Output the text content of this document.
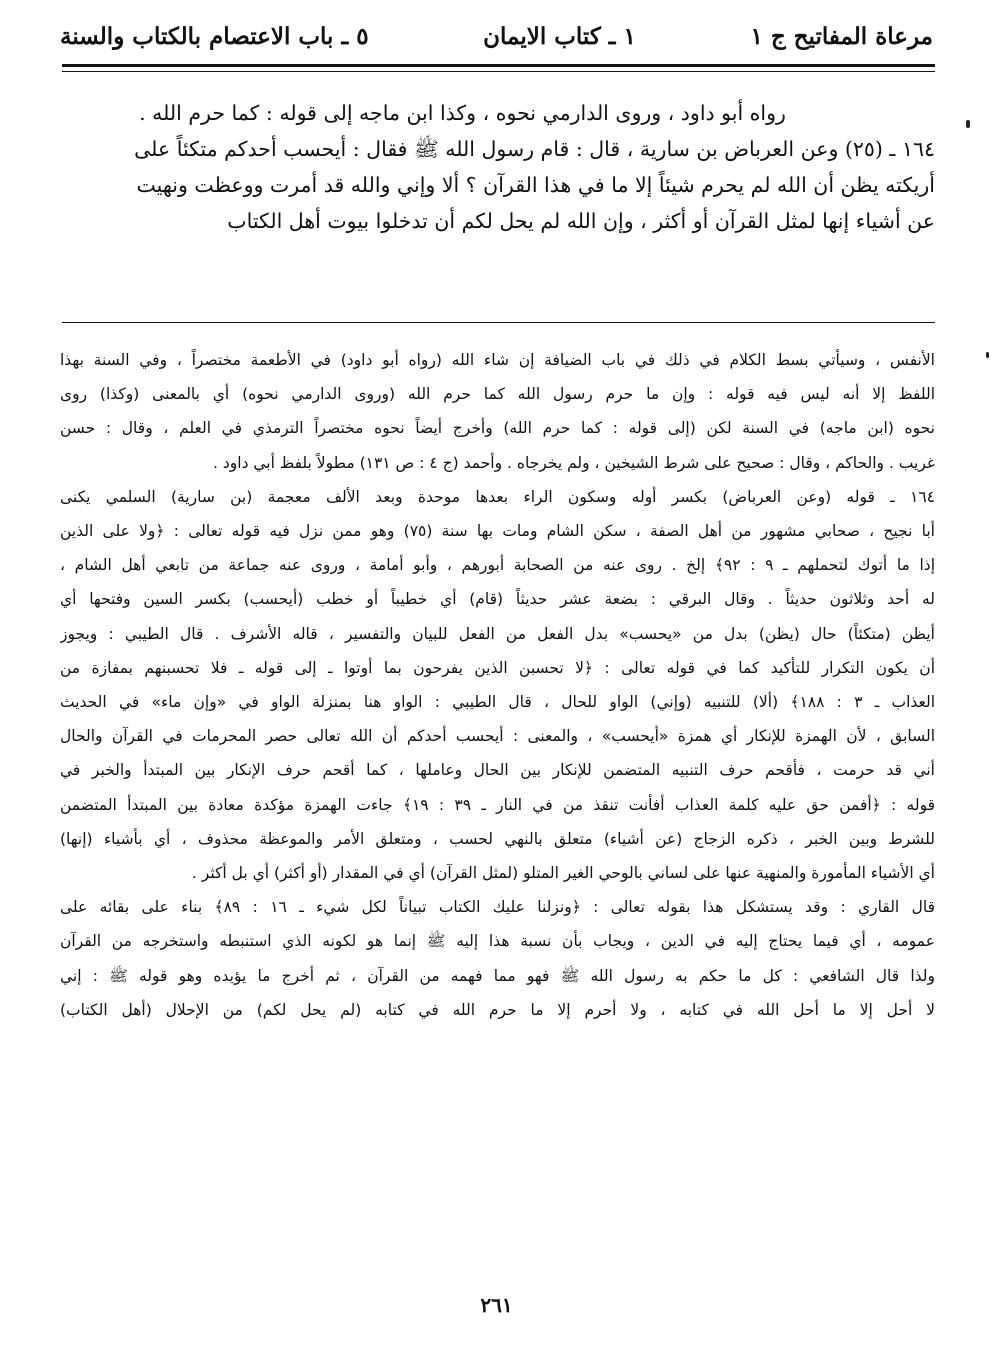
مرعاة المفاتيح ج ١
١ ـ كتاب الايمان
٥ ـ باب الاعتصام بالكتاب والسنة

رواه أبو داود ، وروى الدارمي نحوه ، وكذا ابن ماجه إلى قوله : كما حرم الله .

١٦٤ ـ (٢٥) وعن العرباض بن سارية ، قال : قام رسول الله ﷺ فقال : أيحسب أحدكم متكئاً على

أريكته يظن أن الله لم يحرم شيئاً إلا ما في هذا القرآن ؟ ألا وإني والله قد أمرت ووعظت ونهيت

عن أشياء إنها لمثل القرآن أو أكثر ، وإن الله لم يحل لكم أن تدخلوا بيوت أهل الكتاب

الأنفس ، وسيأتي بسط الكلام في ذلك في باب الضيافة إن شاء الله (رواه أبو داود) في الأطعمة مختصراً ، وفي السنة بهذا

اللفظ إلا أنه ليس فيه قوله : وإن ما حرم رسول الله كما حرم الله (وروى الدارمي نحوه) أي بالمعنى (وكذا) روى

نحوه (ابن ماجه) في السنة لكن (إلى قوله : كما حرم الله) وأخرج أيضاً نحوه مختصراً الترمذي في العلم ، وقال : حسن

غريب . والحاكم ، وقال : صحيح على شرط الشيخين ، ولم يخرجاه . وأحمد (ج ٤ : ص ١٣١) مطولاً بلفظ أبي داود .

١٦٤ ـ قوله (وعن العرباض) بكسر أوله وسكون الراء بعدها موحدة وبعد الألف معجمة (بن سارية) السلمي يكنى

أبا نجيح ، صحابي مشهور من أهل الصفة ، سكن الشام ومات بها سنة (٧٥) وهو ممن نزل فيه قوله تعالى : ﴿ولا على الذين

إذا ما أتوك لتحملهم ـ ٩ : ٩٢﴾ إلخ . روى عنه من الصحابة أبورهم ، وأبو أمامة ، وروى عنه جماعة من تابعي أهل الشام ،

له أحد وثلاثون حديثاً . وقال البرقي : بضعة عشر حديثاً (قام) أي خطيباً أو خطب (أيحسب) بكسر السين وفتحها أي

أيظن (متكئاً) حال (يظن) بدل من «يحسب» بدل الفعل من الفعل للبيان والتفسير ، قاله الأشرف . قال الطيبي : ويجوز

أن يكون التكرار للتأكيد كما في قوله تعالى : ﴿لا تحسبن الذين يفرحون بما أوتوا ـ إلى قوله ـ فلا تحسبنهم بمفازة من

العذاب ـ ٣ : ١٨٨﴾ (ألا) للتنبيه (وإني) الواو للحال ، قال الطيبي : الواو هنا بمنزلة الواو في «وإن ماء» في الحديث

السابق ، لأن الهمزة للإنكار أي همزة «أيحسب» ، والمعنى : أيحسب أحدكم أن الله تعالى حصر المحرمات في القرآن والحال

أني قد حرمت ، فأقحم حرف التنبيه المتضمن للإنكار بين الحال وعاملها ، كما أقحم حرف الإنكار بين المبتدأ والخبر في

قوله : ﴿أفمن حق عليه كلمة العذاب أفأنت تنقذ من في النار ـ ٣٩ : ١٩﴾ جاءت الهمزة مؤكدة معادة بين المبتدأ المتضمن

للشرط وبين الخبر ، ذكره الزجاج (عن أشياء) متعلق بالنهي لحسب ، ومتعلق الأمر والموعظة محذوف ، أي بأشياء (إنها)

أي الأشياء المأمورة والمنهية عنها على لساني بالوحي الغير المتلو (لمثل القرآن) أي في المقدار (أو أكثر) أي بل أكثر .

قال القاري : وقد يستشكل هذا بقوله تعالى : ﴿ونزلنا عليك الكتاب تبياناً لكل شيء ـ ١٦ : ٨٩﴾ بناء على بقائه على

عمومه ، أي فيما يحتاج إليه في الدين ، ويجاب بأن نسبة هذا إليه ﷺ إنما هو لكونه الذي استنبطه واستخرجه من القرآن

ولذا قال الشافعي : كل ما حكم به رسول الله ﷺ فهو مما فهمه من القرآن ، ثم أخرج ما يؤيده وهو قوله ﷺ : إني

لا أحل إلا ما أحل الله في كتابه ، ولا أحرم إلا ما حرم الله في كتابه (لم يحل لكم) من الإحلال (أهل الكتاب)

٢٦١
